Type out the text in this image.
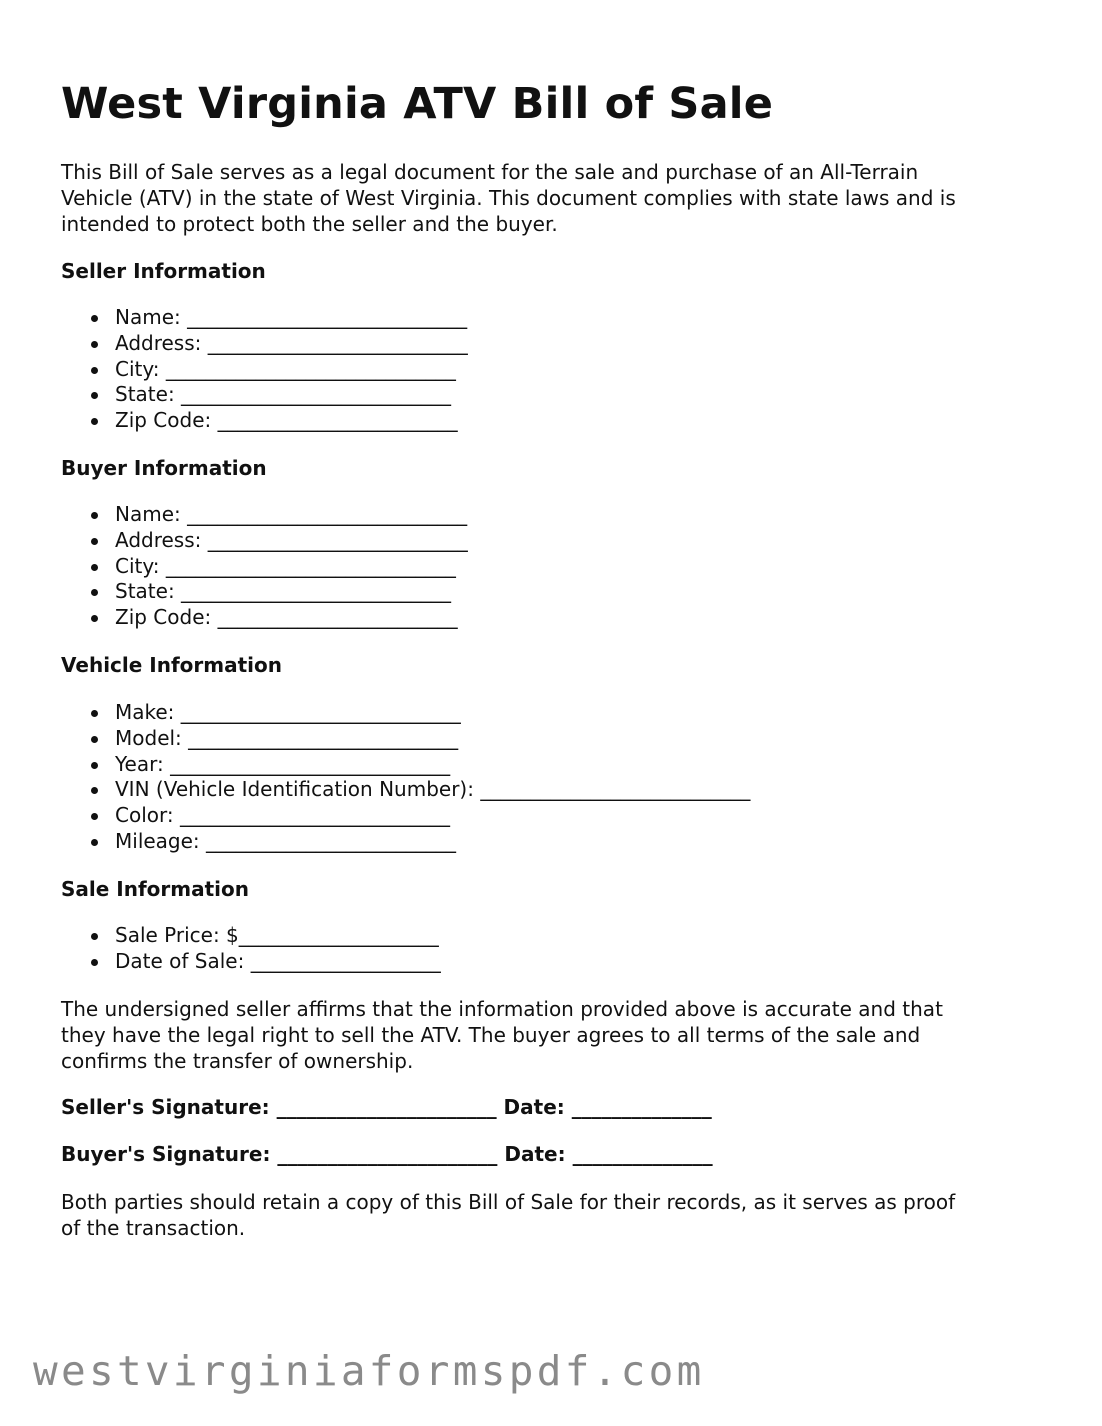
West Virginia ATV Bill of Sale

This Bill of Sale serves as a legal document for the sale and purchase of an All-Terrain

Vehicle (ATV) in the state of West Virginia. This document complies with state laws and is

intended to protect both the seller and the buyer.

Seller Information

Name: ____________________________
Address: __________________________
City: _____________________________
State: ___________________________
Zip Code: ________________________

Buyer Information

Name: ____________________________
Address: __________________________
City: _____________________________
State: ___________________________
Zip Code: ________________________

Vehicle Information

Make: ____________________________
Model: ___________________________
Year: ____________________________
VIN (Vehicle Identification Number): ___________________________
Color: ___________________________
Mileage: _________________________

Sale Information

Sale Price: $____________________
Date of Sale: ___________________

The undersigned seller affirms that the information provided above is accurate and that

they have the legal right to sell the ATV. The buyer agrees to all terms of the sale and

confirms the transfer of ownership.

Seller's Signature: ______________________ Date: ______________

Buyer's Signature: ______________________ Date: ______________

Both parties should retain a copy of this Bill of Sale for their records, as it serves as proof

of the transaction.

westvirginiaformspdf.com
